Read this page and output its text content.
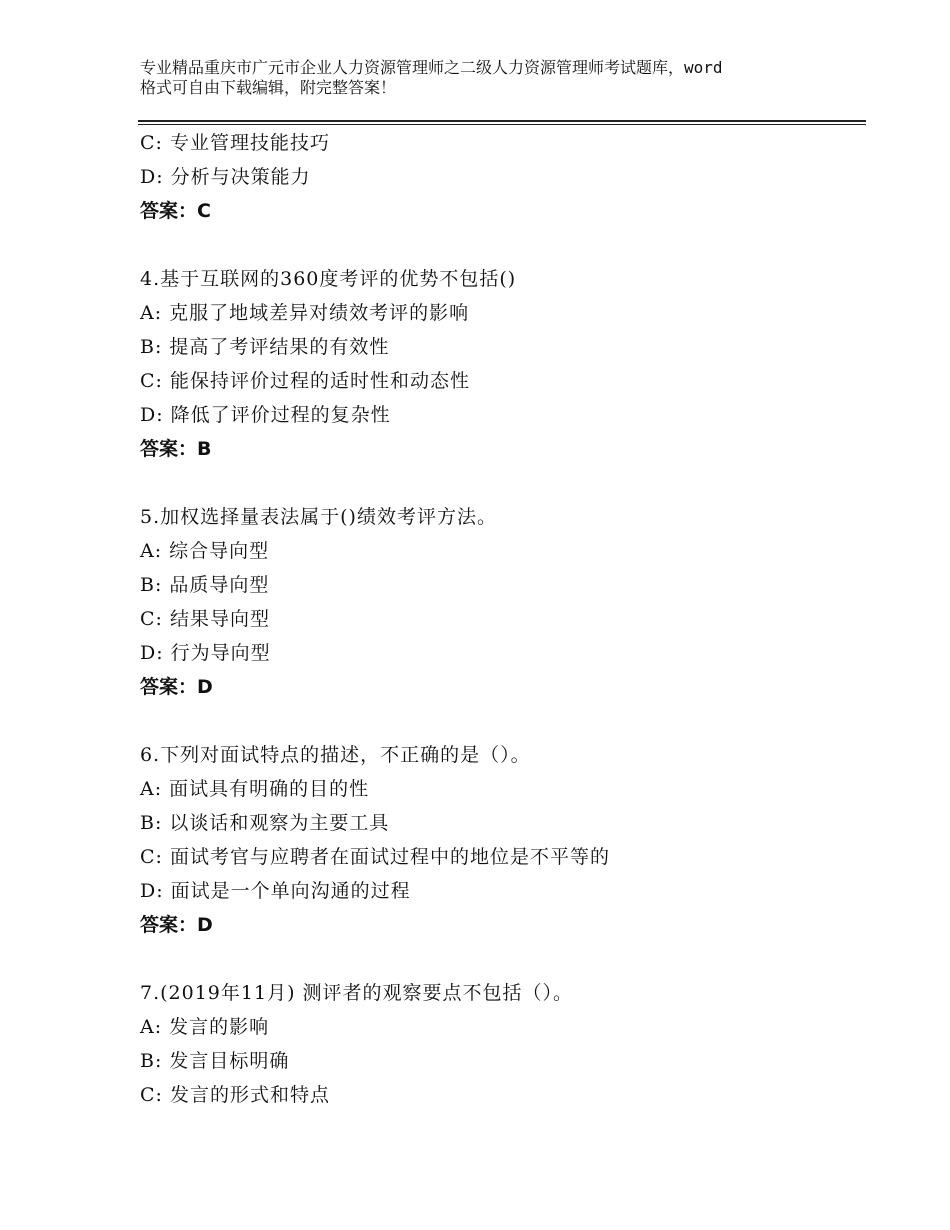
专业精品重庆市广元市企业人力资源管理师之二级人力资源管理师考试题库，word
格式可自由下载编辑，附完整答案！
C: 专业管理技能技巧
D: 分析与决策能力
答案：C
4.基于互联网的360度考评的优势不包括()
A: 克服了地域差异对绩效考评的影响
B: 提高了考评结果的有效性
C: 能保持评价过程的适时性和动态性
D: 降低了评价过程的复杂性
答案：B
5.加权选择量表法属于()绩效考评方法。
A: 综合导向型
B: 品质导向型
C: 结果导向型
D: 行为导向型
答案：D
6.下列对面试特点的描述，不正确的是（）。
A: 面试具有明确的目的性
B: 以谈话和观察为主要工具
C: 面试考官与应聘者在面试过程中的地位是不平等的
D: 面试是一个单向沟通的过程
答案：D
7.(2019年11月) 测评者的观察要点不包括（）。
A: 发言的影响
B: 发言目标明确
C: 发言的形式和特点
